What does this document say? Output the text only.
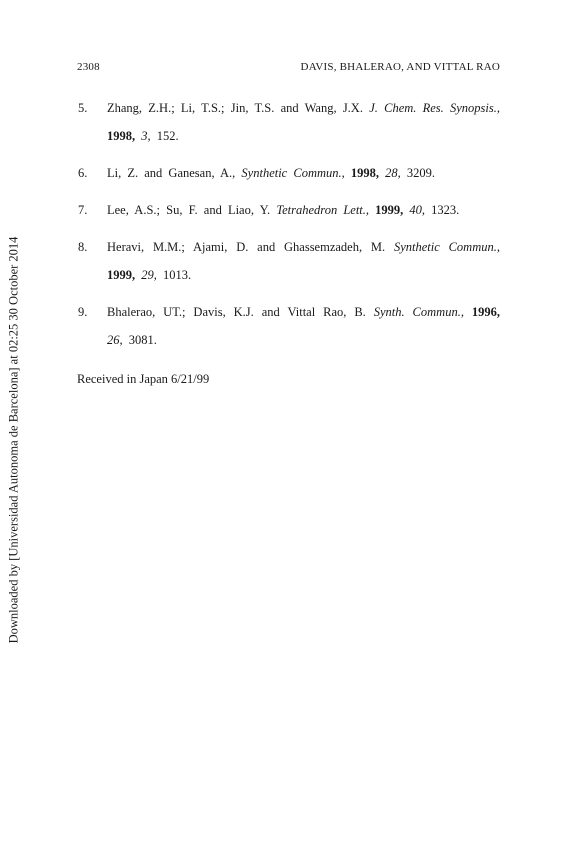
2308	DAVIS, BHALERAO, AND VITTAL RAO
5. Zhang, Z.H.; Li, T.S.; Jin, T.S. and Wang, J.X. J. Chem. Res. Synopsis., 1998, 3, 152.
6. Li, Z. and Ganesan, A., Synthetic Commun., 1998, 28, 3209.
7. Lee, A.S.; Su, F. and Liao, Y. Tetrahedron Lett., 1999, 40, 1323.
8. Heravi, M.M.; Ajami, D. and Ghassemzadeh, M. Synthetic Commun., 1999, 29, 1013.
9. Bhalerao, UT.; Davis, K.J. and Vittal Rao, B. Synth. Commun., 1996, 26, 3081.
Received in Japan 6/21/99
Downloaded by [Universidad Autonoma de Barcelona] at 02:25 30 October 2014
